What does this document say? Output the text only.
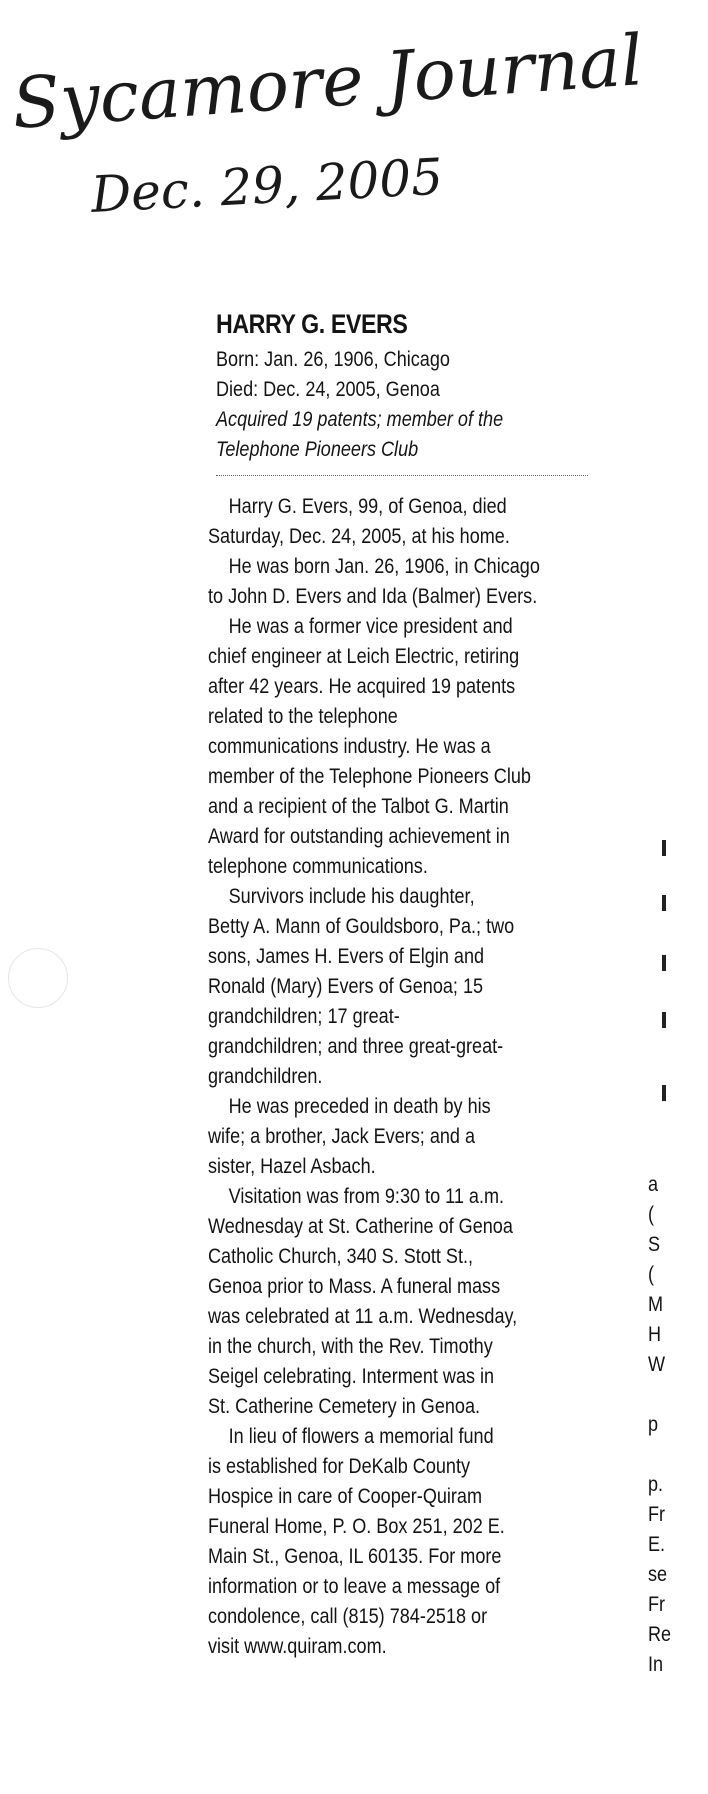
Sycamore Journal
Dec. 29, 2005
HARRY G. EVERS
Born: Jan. 26, 1906, Chicago
Died: Dec. 24, 2005, Genoa
Acquired 19 patents; member of the
Telephone Pioneers Club
Harry G. Evers, 99, of Genoa, died
Saturday, Dec. 24, 2005, at his home.
He was born Jan. 26, 1906, in Chicago
to John D. Evers and Ida (Balmer) Evers.
He was a former vice president and
chief engineer at Leich Electric, retiring
after 42 years. He acquired 19 patents
related to the telephone
communications industry. He was a
member of the Telephone Pioneers Club
and a recipient of the Talbot G. Martin
Award for outstanding achievement in
telephone communications.
Survivors include his daughter,
Betty A. Mann of Gouldsboro, Pa.; two
sons, James H. Evers of Elgin and
Ronald (Mary) Evers of Genoa; 15
grandchildren; 17 great-
grandchildren; and three great-great-
grandchildren.
He was preceded in death by his
wife; a brother, Jack Evers; and a
sister, Hazel Asbach.
Visitation was from 9:30 to 11 a.m.
Wednesday at St. Catherine of Genoa
Catholic Church, 340 S. Stott St.,
Genoa prior to Mass. A funeral mass
was celebrated at 11 a.m. Wednesday,
in the church, with the Rev. Timothy
Seigel celebrating. Interment was in
St. Catherine Cemetery in Genoa.
In lieu of flowers a memorial fund
is established for DeKalb County
Hospice in care of Cooper-Quiram
Funeral Home, P. O. Box 251, 202 E.
Main St., Genoa, IL 60135. For more
information or to leave a message of
condolence, call (815) 784-2518 or
visit www.quiram.com.
a
(
S
(
M
H
W

p

p.
Fr
E.
se
Fr
Re
In
